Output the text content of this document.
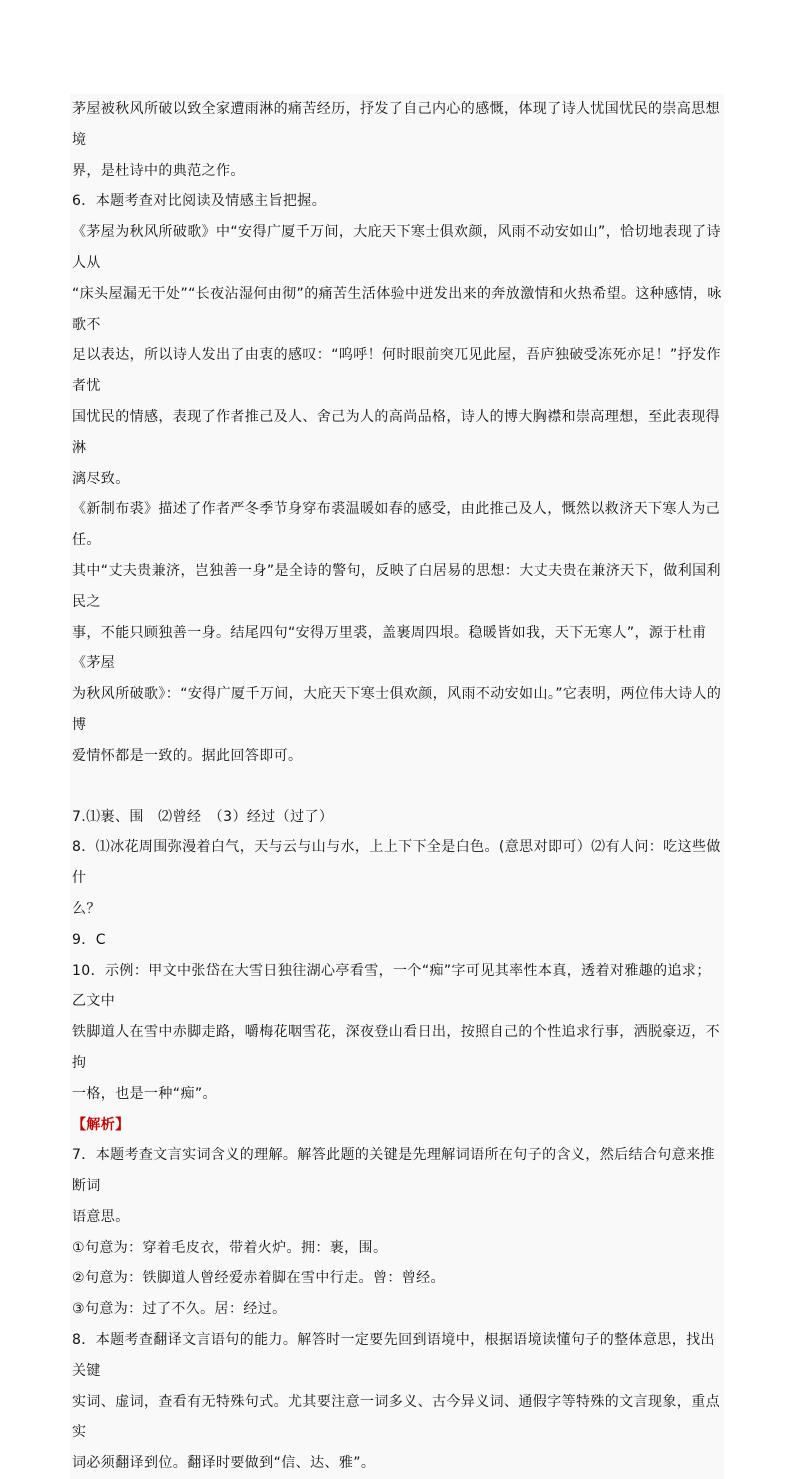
茅屋被秋风所破以致全家遭雨淋的痛苦经历，抒发了自己内心的感慨，体现了诗人忧国忧民的崇高思想境
界，是杜诗中的典范之作。

6．本题考查对比阅读及情感主旨把握。

《茅屋为秋风所破歌》中“安得广厦千万间，大庇天下寒士俱欢颜，风雨不动安如山”，恰切地表现了诗人从
“床头屋漏无干处”“长夜沾湿何由彻”的痛苦生活体验中迸发出来的奔放激情和火热希望。这种感情，咏歌不
足以表达，所以诗人发出了由衷的感叹：“呜呼！何时眼前突兀见此屋，吾庐独破受冻死亦足！”抒发作者忧
国忧民的情感，表现了作者推己及人、舍己为人的高尚品格，诗人的博大胸襟和崇高理想，至此表现得淋
漓尽致。

《新制布裘》描述了作者严冬季节身穿布裘温暖如春的感受，由此推己及人，慨然以救济天下寒人为己任。
其中“丈夫贵兼济，岂独善一身”是全诗的警句，反映了白居易的思想：大丈夫贵在兼济天下，做利国利民之
事，不能只顾独善一身。结尾四句“安得万里裘，盖裹周四垠。稳暖皆如我，天下无寒人”，源于杜甫《茅屋
为秋风所破歌》：“安得广厦千万间，大庇天下寒士俱欢颜，风雨不动安如山。”它表明，两位伟大诗人的博
爱情怀都是一致的。据此回答即可。

7.⑴裹、围　⑵曾经　（3）经过（过了）

8．⑴冰花周围弥漫着白气，天与云与山与水，上上下下全是白色。(意思对即可）⑵有人问：吃这些做什
么？

9．C

10．示例：甲文中张岱在大雪日独往湖心亭看雪，一个“痴”字可见其率性本真，透着对雅趣的追求；乙文中
铁脚道人在雪中赤脚走路，嚼梅花咽雪花，深夜登山看日出，按照自己的个性追求行事，洒脱豪迈，不拘
一格，也是一种“痴”。

【解析】

7．本题考查文言实词含义的理解。解答此题的关键是先理解词语所在句子的含义，然后结合句意来推断词
语意思。

①句意为：穿着毛皮衣，带着火炉。拥：裹，围。

②句意为：铁脚道人曾经爱赤着脚在雪中行走。曾：曾经。

③句意为：过了不久。居：经过。

8．本题考查翻译文言语句的能力。解答时一定要先回到语境中，根据语境读懂句子的整体意思，找出关键
实词、虚词，查看有无特殊句式。尤其要注意一词多义、古今异义词、通假字等特殊的文言现象，重点实
词必须翻译到位。翻译时要做到“信、达、雅”。
